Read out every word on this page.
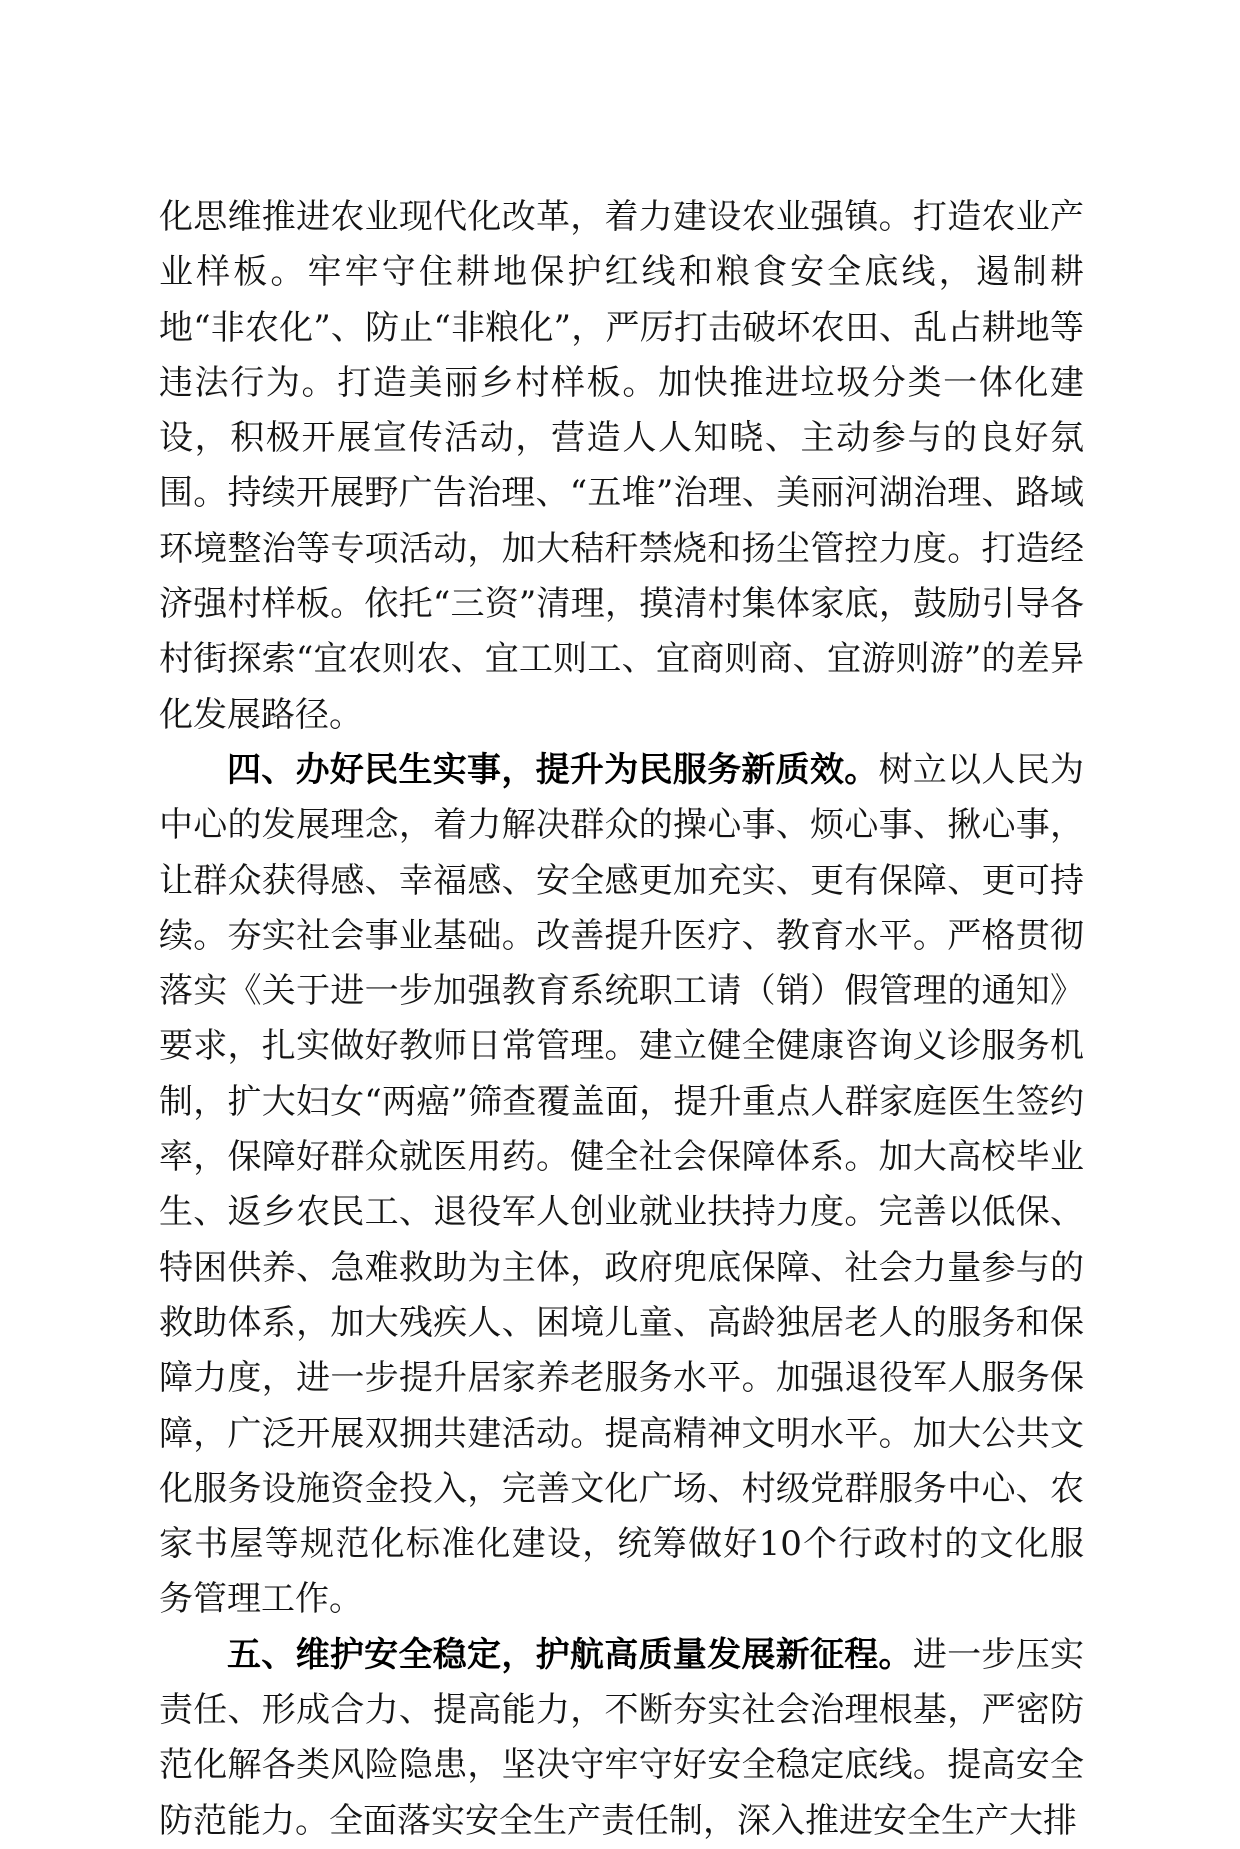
化思维推进农业现代化改革，着力建设农业强镇。打造农业产业样板。牢牢守住耕地保护红线和粮食安全底线，遏制耕地“非农化”、防止“非粮化”，严厉打击破坏农田、乱占耕地等违法行为。打造美丽乡村样板。加快推进垃圾分类一体化建设，积极开展宣传活动，营造人人知晓、主动参与的良好氛围。持续开展野广告治理、“五堆”治理、美丽河湖治理、路域环境整治等专项活动，加大秸秆禁烧和扬尘管控力度。打造经济强村样板。依托“三资”清理，摸清村集体家底，鼓励引导各村街探索“宜农则农、宜工则工、宜商则商、宜游则游”的差异化发展路径。

四、办好民生实事，提升为民服务新质效。树立以人民为中心的发展理念，着力解决群众的操心事、烦心事、揪心事，让群众获得感、幸福感、安全感更加充实、更有保障、更可持续。夯实社会事业基础。改善提升医疗、教育水平。严格贯彻落实《关于进一步加强教育系统职工请（销）假管理的通知》要求，扎实做好教师日常管理。建立健全健康咨询义诊服务机制，扩大妇女“两癌”筛查覆盖面，提升重点人群家庭医生签约率，保障好群众就医用药。健全社会保障体系。加大高校毕业生、返乡农民工、退役军人创业就业扶持力度。完善以低保、特困供养、急难救助为主体，政府兜底保障、社会力量参与的救助体系，加大残疾人、困境儿童、高龄独居老人的服务和保障力度，进一步提升居家养老服务水平。加强退役军人服务保障，广泛开展双拥共建活动。提高精神文明水平。加大公共文化服务设施资金投入，完善文化广场、村级党群服务中心、农家书屋等规范化标准化建设，统筹做好10个行政村的文化服务管理工作。

五、维护安全稳定，护航高质量发展新征程。进一步压实责任、形成合力、提高能力，不断夯实社会治理根基，严密防范化解各类风险隐患，坚决守牢守好安全稳定底线。提高安全防范能力。全面落实安全生产责任制，深入推进安全生产大排
